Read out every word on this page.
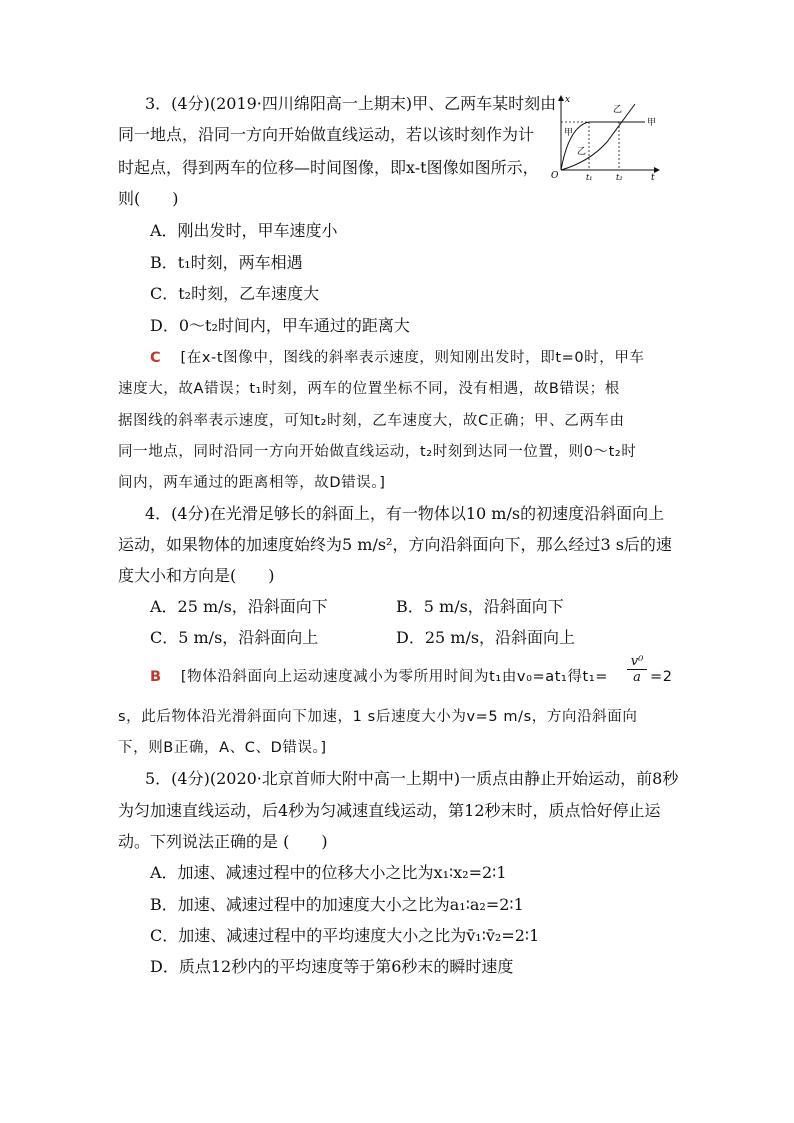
3．(4分)(2019·四川绵阳高一上期末)甲、乙两车某时刻由
同一地点，沿同一方向开始做直线运动，若以该时刻作为计
时起点，得到两车的位移—时间图像，即x-t图像如图所示，
则(　　)
x
t
O
甲
乙
甲
乙
t₁	t₂
A．刚出发时，甲车速度小
B．t₁时刻，两车相遇
C．t₂时刻，乙车速度大
D．0～t₂时间内，甲车通过的距离大
C [在x-t图像中，图线的斜率表示速度，则知刚出发时，即t=0时，甲车
速度大，故A错误；t₁时刻，两车的位置坐标不同，没有相遇，故B错误；根
据图线的斜率表示速度，可知t₂时刻，乙车速度大，故C正确；甲、乙两车由
同一地点，同时沿同一方向开始做直线运动，t₂时刻到达同一位置，则0～t₂时
间内，两车通过的距离相等，故D错误。]
4．(4分)在光滑足够长的斜面上，有一物体以10 m/s的初速度沿斜面向上
运动，如果物体的加速度始终为5 m/s²，方向沿斜面向下，那么经过3 s后的速
度大小和方向是(　　)
A．25 m/s，沿斜面向下	B．5 m/s，沿斜面向下
C．5 m/s，沿斜面向上	D．25 m/s，沿斜面向上
B [物体沿斜面向上运动速度减小为零所用时间为t₁由v₀=at₁得$t_1= \frac{\text{v⁰}}{a} =2$
s，此后物体沿光滑斜面向下加速，1 s后速度大小为v=5 m/s，方向沿斜面向
下，则B正确，A、C、D错误。]
5．(4分)(2020·北京首师大附中高一上期中)一质点由静止开始运动，前8秒
为匀加速直线运动，后4秒为匀减速直线运动，第12秒末时，质点恰好停止运
动。下列说法正确的是 (　　)
A．加速、减速过程中的位移大小之比为x₁∶x₂=2∶1
B．加速、减速过程中的加速度大小之比为a₁∶a₂=2∶1
C．加速、减速过程中的平均速度大小之比为v̄₁∶v̄₂=2∶1
D．质点12秒内的平均速度等于第6秒末的瞬时速度
